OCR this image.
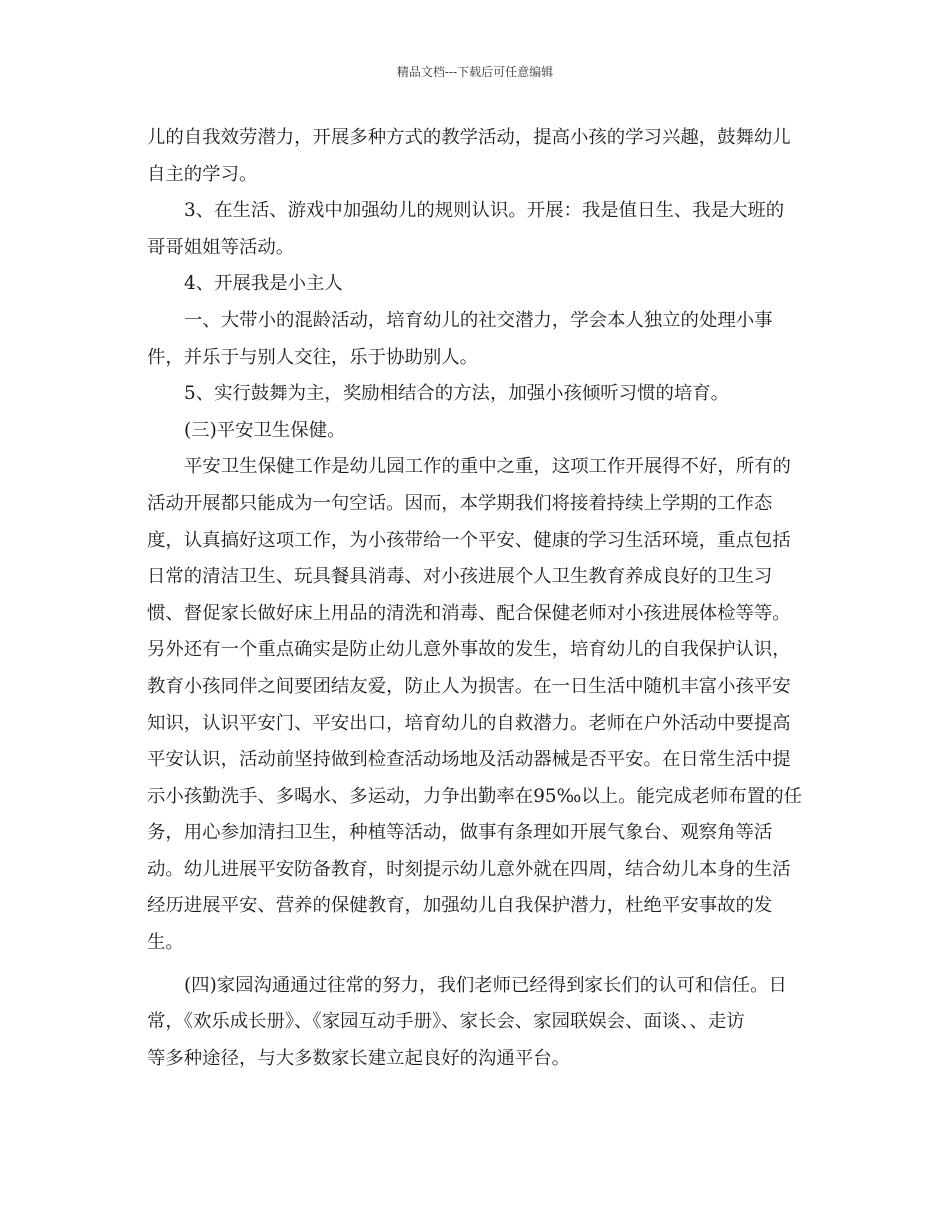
精品文档---下载后可任意编辑
儿的自我效劳潜力，开展多种方式的教学活动，提高小孩的学习兴趣，鼓舞幼儿
自主的学习。
3、在生活、游戏中加强幼儿的规则认识。开展：我是值日生、我是大班的
哥哥姐姐等活动。
4、开展我是小主人
一、大带小的混龄活动，培育幼儿的社交潜力，学会本人独立的处理小事
件，并乐于与别人交往，乐于协助别人。
5、实行鼓舞为主，奖励相结合的方法，加强小孩倾听习惯的培育。
(三)平安卫生保健。
平安卫生保健工作是幼儿园工作的重中之重，这项工作开展得不好，所有的
活动开展都只能成为一句空话。因而，本学期我们将接着持续上学期的工作态
度，认真搞好这项工作，为小孩带给一个平安、健康的学习生活环境，重点包括
日常的清洁卫生、玩具餐具消毒、对小孩进展个人卫生教育养成良好的卫生习
惯、督促家长做好床上用品的清洗和消毒、配合保健老师对小孩进展体检等等。
另外还有一个重点确实是防止幼儿意外事故的发生，培育幼儿的自我保护认识，
教育小孩同伴之间要团结友爱，防止人为损害。在一日生活中随机丰富小孩平安
知识，认识平安门、平安出口，培育幼儿的自救潜力。老师在户外活动中要提高
平安认识，活动前坚持做到检查活动场地及活动器械是否平安。在日常生活中提
示小孩勤洗手、多喝水、多运动，力争出勤率在95‰以上。能完成老师布置的任
务，用心参加清扫卫生，种植等活动，做事有条理如开展气象台、观察角等活
动。幼儿进展平安防备教育，时刻提示幼儿意外就在四周，结合幼儿本身的生活
经历进展平安、营养的保健教育，加强幼儿自我保护潜力，杜绝平安事故的发
生。
(四)家园沟通通过往常的努力，我们老师已经得到家长们的认可和信任。日
常，《欢乐成长册》、《家园互动手册》、家长会、家园联娱会、面谈、、走访
等多种途径，与大多数家长建立起良好的沟通平台。
